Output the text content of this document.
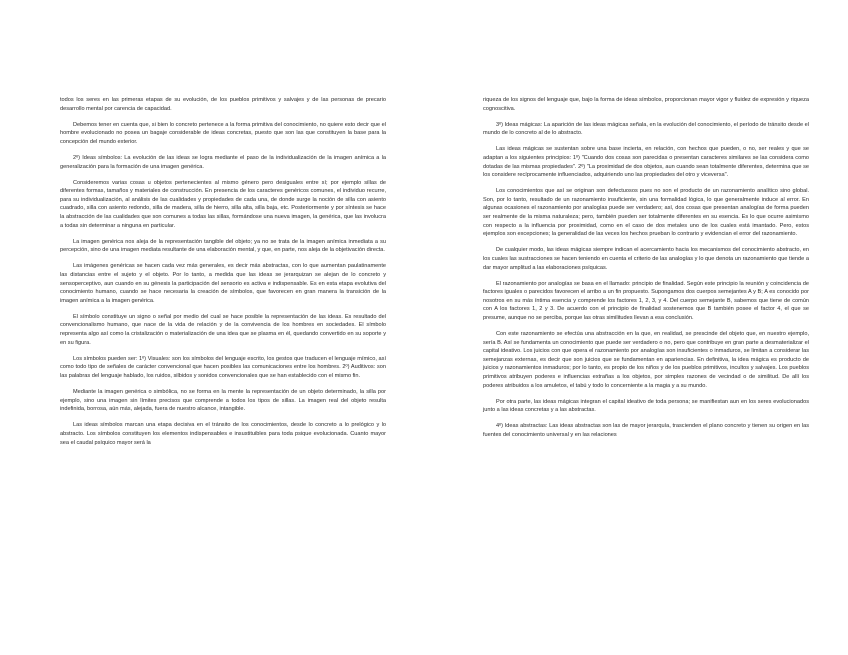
todos los seres en las primeras etapas de su evolución, de los pueblos primitivos y salvajes y de las personas de precario desarrollo mental por carencia de capacidad.

Debemos tener en cuenta que, si bien lo concreto pertenece a la forma primitiva del conocimiento, no quiere esto decir que el hombre evolucionado no posea un bagaje considerable de ideas concretas, puesto que son las que constituyen la base para la concepción del mundo exterior.

2º) Ideas símbolos: La evolución de las ideas se logra mediante el paso de la individualización de la imagen anímica a la generalización para la formación de una imagen genérica.

Consideremos varias cosas u objetos pertenecientes al mismo género pero desiguales entre sí; por ejemplo sillas de diferentes formas, tamaños y materiales de construcción. En presencia de los caracteres genéricos comunes, el individuo recurre, para su individualización, al análisis de las cualidades y propiedades de cada una, de donde surge la noción de silla con asiento cuadrado, silla con asiento redondo, silla de madera, silla de hierro, silla alta, silla baja, etc. Posteriormente y por síntesis se hace la abstracción de las cualidades que son comunes a todas las sillas, formándose una nueva imagen, la genérica, que las involucra a todas sin determinar a ninguna en particular.

La imagen genérica nos aleja de la representación tangible del objeto; ya no se trata de la imagen anímica inmediata a su percepción, sino de una imagen mediata resultante de una elaboración mental, y que, en parte, nos aleja de la objetivación directa.

Las imágenes genéricas se hacen cada vez más generales, es decir más abstractas, con lo que aumentan paulatinamente las distancias entre el sujeto y el objeto. Por lo tanto, a medida que las ideas se jerarquizan se alejan de lo concreto y sensoperceptivo, aun cuando en su génesis la participación del sensorio es activa e indispensable. Es en esta etapa evolutiva del conocimiento humano, cuando se hace necesaria la creación de símbolos, que favorecen en gran manera la transición de la imagen anímica a la imagen genérica.

El símbolo constituye un signo o señal por medio del cual se hace posible la representación de las ideas. Es resultado del convencionalismo humano, que nace de la vida de relación y de la convivencia de los hombres en sociedades. El símbolo representa algo así como la cristalización o materialización de una idea que se plasma en él, quedando convertido en su soporte y en su figura.

Los símbolos pueden ser: 1º) Visuales: son los símbolos del lenguaje escrito, los gestos que traducen el lenguaje mímico, así como todo tipo de señales de carácter convencional que hacen posibles las comunicaciones entre los hombres. 2º) Auditivos: son las palabras del lenguaje hablado, los ruidos, silbidos y sonidos convencionales que se han establecido con el mismo fin.

Mediante la imagen genérica o simbólica, no se forma en la mente la representación de un objeto determinado, la silla por ejemplo, sino una imagen sin límites precisos que comprende a todos los tipos de sillas. La imagen real del objeto resulta indefinida, borrosa, aún más, alejada, fuera de nuestro alcance, intangible.

Las ideas símbolos marcan una etapa decisiva en el tránsito de los conocimientos, desde lo concreto a lo prelógico y lo abstracto. Los símbolos constituyen los elementos indispensables e insustituibles para toda psique evolucionada. Cuanto mayor sea el caudal psíquico mayor será la

riqueza de los signos del lenguaje que, bajo la forma de ideas símbolos, proporcionan mayor vigor y fluidez de expresión y riqueza cognoscitiva.

3º) Ideas mágicas: La aparición de las ideas mágicas señala, en la evolución del conocimiento, el período de tránsito desde el mundo de lo concreto al de lo abstracto.

Las ideas mágicas se sustentan sobre una base incierta, en relación, con hechos que pueden, o no, ser reales y que se adaptan a los siguientes principios: 1º) "Cuando dos cosas son parecidas o presentan caracteres similares se las considera como dotadas de las mismas propiedades". 2º) "La proximidad de dos objetos, aun cuando sean totalmente diferentes, determina que se los considere recíprocamente influenciados, adquiriendo uno las propiedades del otro y viceversa".

Los conocimientos que así se originan son defectuosos pues no son el producto de un razonamiento analítico sino global. Son, por lo tanto, resultado de un razonamiento insuficiente, sin una formalidad lógica, lo que generalmente induce al error. En algunas ocasiones el razonamiento por analogías puede ser verdadero; así, dos cosas que presentan analogías de forma pueden ser realmente de la misma naturaleza; pero, también pueden ser totalmente diferentes en su esencia. Es lo que ocurre asimismo con respecto a la influencia por proximidad, como en el caso de dos metales uno de los cuales está imantado. Pero, estos ejemplos son excepciones; la generalidad de las veces los hechos prueban lo contrario y evidencian el error del razonamiento.

De cualquier modo, las ideas mágicas siempre indican el acercamiento hacia los mecanismos del conocimiento abstracto, en los cuales las sustracciones se hacen teniendo en cuenta el criterio de las analogías y lo que denota un razonamiento que tiende a dar mayor amplitud a las elaboraciones psíquicas.

El razonamiento por analogías se basa en el llamado: principio de finalidad. Según este principio la reunión y coincidencia de factores iguales o parecidos favorecen el arribo a un fin propuesto. Supongamos dos cuerpos semejantes A y B; A es conocido por nosotros en su más íntima esencia y comprende los factores 1, 2, 3, y 4. Del cuerpo semejante B, sabemos que tiene de común con A los factores 1, 2 y 3. De acuerdo con el principio de finalidad sostenemos que B también posee el factor 4, el que se presume, aunque no se perciba, porque las otras similitudes llevan a esa conclusión.

Con este razonamiento se efectúa una abstracción en la que, en realidad, se prescinde del objeto que, en nuestro ejemplo, sería B. Así se fundamenta un conocimiento que puede ser verdadero o no, pero que contribuye en gran parte a desmaterializar el capital ideativo. Los juicios con que opera el razonamiento por analogías son insuficientes o inmaduros, se limitan a considerar las semejanzas externas, es decir que son juicios que se fundamentan en apariencias. En definitiva, la idea mágica es producto de juicios y razonamientos inmaduros; por lo tanto, es propio de los niños y de los pueblos primitivos, incultos y salvajes. Los pueblos primitivos atribuyen poderes e influencias extrañas a los objetos, por simples razones de vecindad o de similitud. De allí los poderes atribuidos a los amuletos, el tabú y todo lo concerniente a la magia y a su mundo.

Por otra parte, las ideas mágicas integran el capital ideativo de toda persona; se manifiestan aun en los seres evolucionados junto a las ideas concretas y a las abstractas.

4º) Ideas abstractas: Las ideas abstractas son las de mayor jerarquía, trascienden el plano concreto y tienen su origen en las fuentes del conocimiento universal y en las relaciones
